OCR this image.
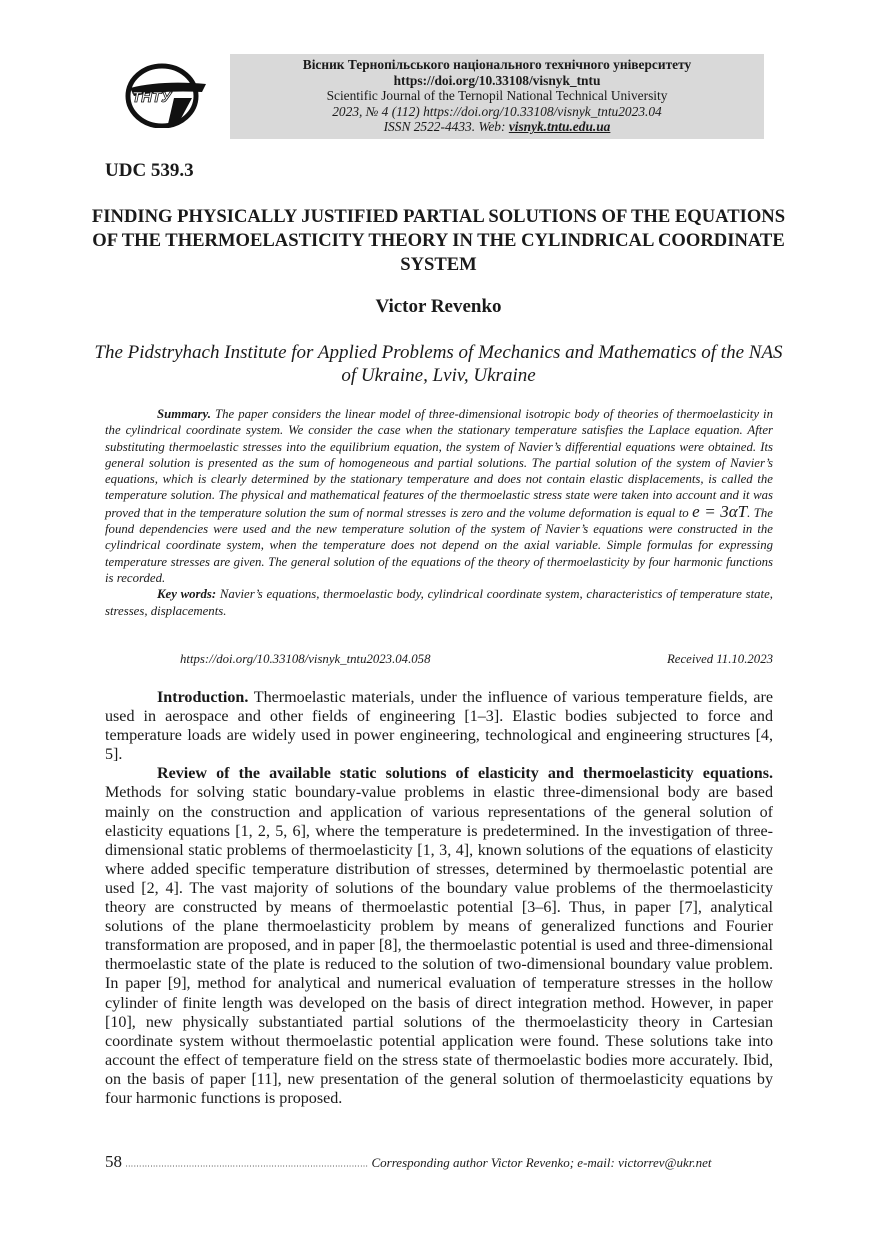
ТНТУ
Вісник Тернопільського національного технічного університету
https://doi.org/10.33108/visnyk_tntu
Scientific Journal of the Ternopil National Technical University
2023, № 4 (112) https://doi.org/10.33108/visnyk_tntu2023.04
ISSN 2522-4433. Web: visnyk.tntu.edu.ua
UDC 539.3
FINDING PHYSICALLY JUSTIFIED PARTIAL SOLUTIONS OF THE EQUATIONS OF THE THERMOELASTICITY THEORY IN THE CYLINDRICAL COORDINATE SYSTEM
Victor Revenko
The Pidstryhach Institute for Applied Problems of Mechanics and Mathematics of the NAS of Ukraine, Lviv, Ukraine

Summary. The paper considers the linear model of three-dimensional isotropic body of theories of thermoelasticity in the cylindrical coordinate system. We consider the case when the stationary temperature satisfies the Laplace equation. After substituting thermoelastic stresses into the equilibrium equation, the system of Navier’s differential equations were obtained. Its general solution is presented as the sum of homogeneous and partial solutions. The partial solution of the system of Navier’s equations, which is clearly determined by the stationary temperature and does not contain elastic displacements, is called the temperature solution. The physical and mathematical features of the thermoelastic stress state were taken into account and it was proved that in the temperature solution the sum of normal stresses is zero and the volume deformation is equal to e = 3αT. The found dependencies were used and the new temperature solution of the system of Navier’s equations were constructed in the cylindrical coordinate system, when the temperature does not depend on the axial variable. Simple formulas for expressing temperature stresses are given. The general solution of the equations of the theory of thermoelasticity by four harmonic functions is recorded.

Key words: Navier’s equations, thermoelastic body, cylindrical coordinate system, characteristics of temperature state, stresses, displacements.

https://doi.org/10.33108/visnyk_tntu2023.04.058	Received 11.10.2023

Introduction. Thermoelastic materials, under the influence of various temperature fields, are used in aerospace and other fields of engineering [1–3]. Elastic bodies subjected to force and temperature loads are widely used in power engineering, technological and engineering structures [4, 5].

Review of the available static solutions of elasticity and thermoelasticity equations. Methods for solving static boundary-value problems in elastic three-dimensional body are based mainly on the construction and application of various representations of the general solution of elasticity equations [1, 2, 5, 6], where the temperature is predetermined. In the investigation of three-dimensional static problems of thermoelasticity [1, 3, 4], known solutions of the equations of elasticity where added specific temperature distribution of stresses, determined by thermoelastic potential are used [2, 4]. The vast majority of solutions of the boundary value problems of the thermoelasticity theory are constructed by means of thermoelastic potential [3–6]. Thus, in paper [7], analytical solutions of the plane thermoelasticity problem by means of generalized functions and Fourier transformation are proposed, and in paper [8], the thermoelastic potential is used and three-dimensional thermoelastic state of the plate is reduced to the solution of two-dimensional boundary value problem. In paper [9], method for analytical and numerical evaluation of temperature stresses in the hollow cylinder of finite length was developed on the basis of direct integration method. However, in paper [10], new physically substantiated partial solutions of the thermoelasticity theory in Cartesian coordinate system without thermoelastic potential application were found. These solutions take into account the effect of temperature field on the stress state of thermoelastic bodies more accurately. Ibid, on the basis of paper [11], new presentation of the general solution of thermoelasticity equations by four harmonic functions is proposed.

58 ……………………………….…………………………………………… Corresponding author Victor Revenko; e-mail: victorrev@ukr.net
